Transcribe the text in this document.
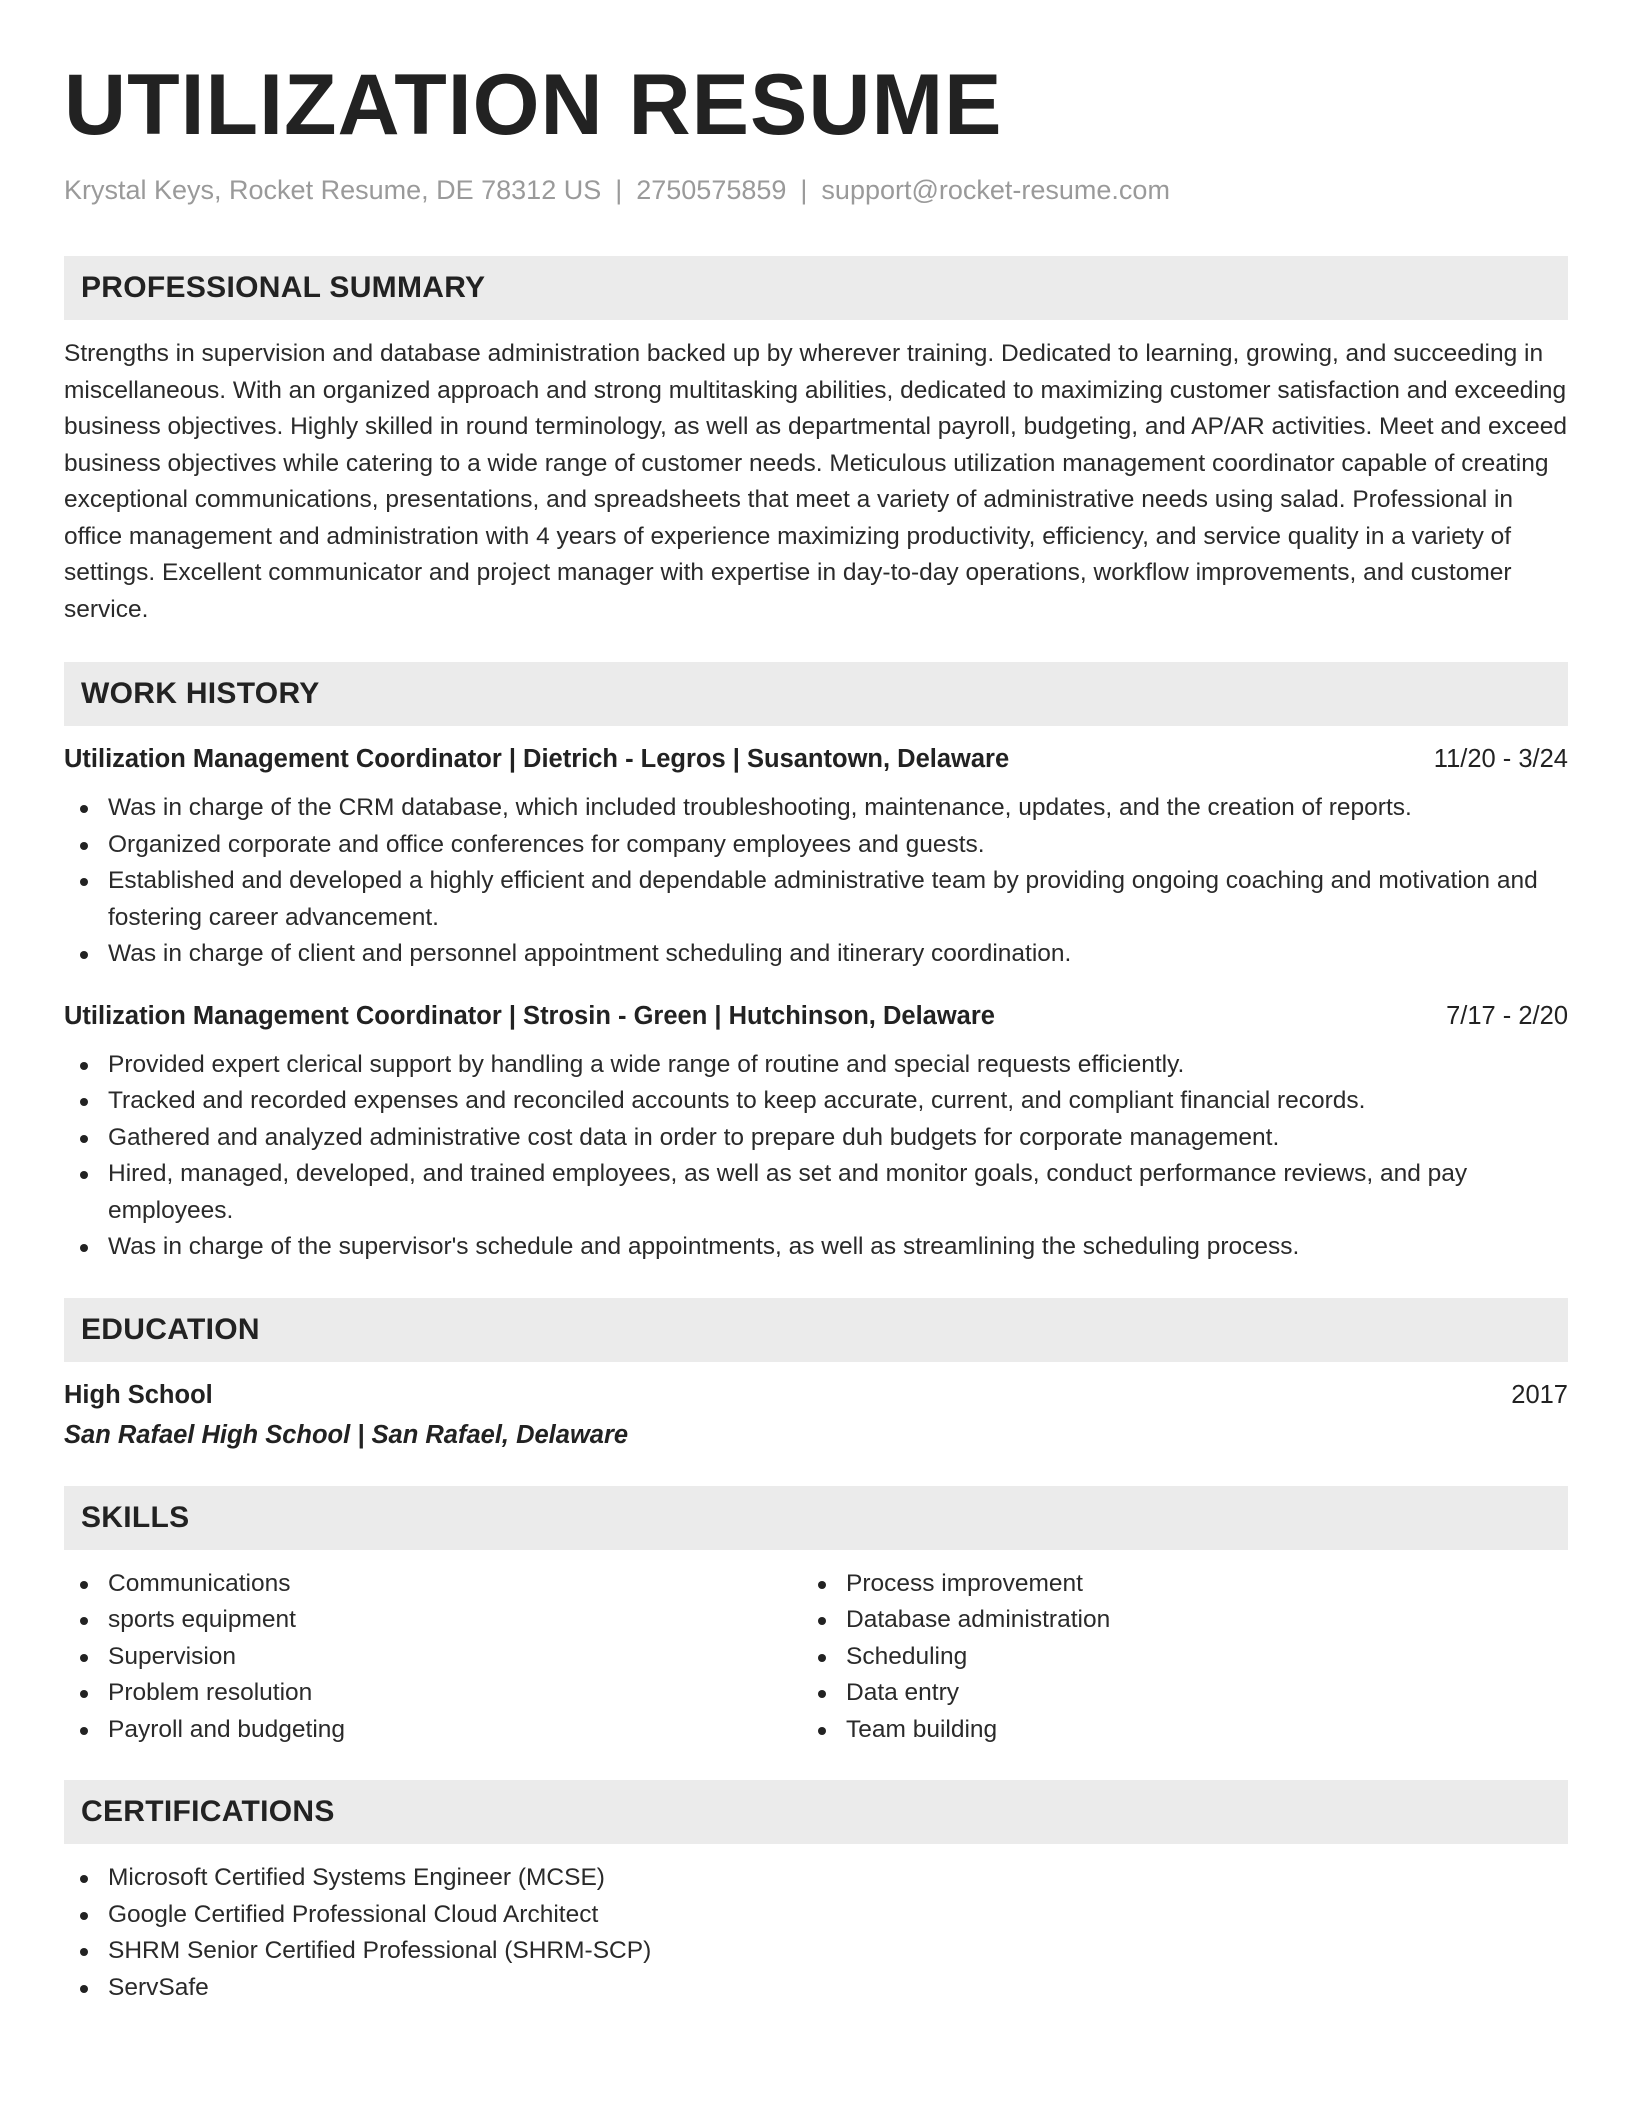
UTILIZATION RESUME
Krystal Keys, Rocket Resume, DE 78312 US | 2750575859 | support@rocket-resume.com
PROFESSIONAL SUMMARY

Strengths in supervision and database administration backed up by wherever training. Dedicated to learning, growing, and succeeding in miscellaneous. With an organized approach and strong multitasking abilities, dedicated to maximizing customer satisfaction and exceeding business objectives. Highly skilled in round terminology, as well as departmental payroll, budgeting, and AP/AR activities. Meet and exceed business objectives while catering to a wide range of customer needs. Meticulous utilization management coordinator capable of creating exceptional communications, presentations, and spreadsheets that meet a variety of administrative needs using salad. Professional in office management and administration with 4 years of experience maximizing productivity, efficiency, and service quality in a variety of settings. Excellent communicator and project manager with expertise in day-to-day operations, workflow improvements, and customer service.

WORK HISTORY
Utilization Management Coordinator | Dietrich - Legros | Susantown, Delaware	11/20 - 3/24
Was in charge of the CRM database, which included troubleshooting, maintenance, updates, and the creation of reports.
Organized corporate and office conferences for company employees and guests.
Established and developed a highly efficient and dependable administrative team by providing ongoing coaching and motivation and fostering career advancement.
Was in charge of client and personnel appointment scheduling and itinerary coordination.
Utilization Management Coordinator | Strosin - Green | Hutchinson, Delaware	7/17 - 2/20
Provided expert clerical support by handling a wide range of routine and special requests efficiently.
Tracked and recorded expenses and reconciled accounts to keep accurate, current, and compliant financial records.
Gathered and analyzed administrative cost data in order to prepare duh budgets for corporate management.
Hired, managed, developed, and trained employees, as well as set and monitor goals, conduct performance reviews, and pay employees.
Was in charge of the supervisor's schedule and appointments, as well as streamlining the scheduling process.
EDUCATION
High School	2017
San Rafael High School | San Rafael, Delaware
SKILLS
Communications
sports equipment
Supervision
Problem resolution
Payroll and budgeting
Process improvement
Database administration
Scheduling
Data entry
Team building
CERTIFICATIONS
Microsoft Certified Systems Engineer (MCSE)
Google Certified Professional Cloud Architect
SHRM Senior Certified Professional (SHRM-SCP)
ServSafe
